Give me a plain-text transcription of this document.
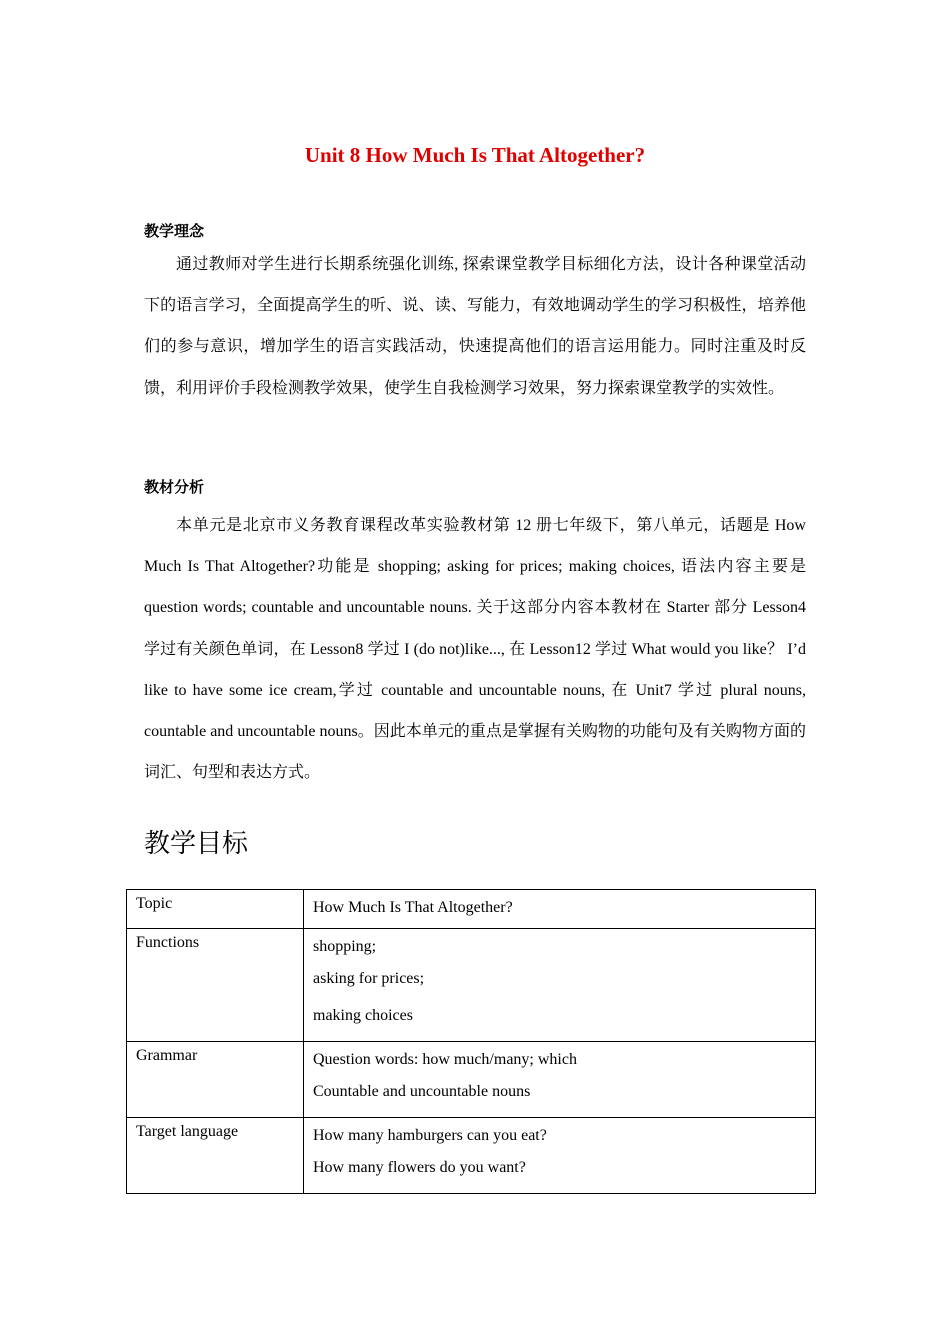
Unit 8 How Much Is That Altogether?
教学理念

通过教师对学生进行长期系统强化训练, 探索课堂教学目标细化方法，设计各种课堂活动下的语言学习，全面提高学生的听、说、读、写能力，有效地调动学生的学习积极性，培养他们的参与意识，增加学生的语言实践活动，快速提高他们的语言运用能力。同时注重及时反馈，利用评价手段检测教学效果，使学生自我检测学习效果，努力探索课堂教学的实效性。

教材分析

本单元是北京市义务教育课程改革实验教材第 12 册七年级下，第八单元，话题是 How Much Is That Altogether?功能是 shopping; asking for prices; making choices, 语法内容主要是 question words; countable and uncountable nouns. 关于这部分内容本教材在 Starter 部分 Lesson4 学过有关颜色单词，在 Lesson8 学过 I (do not)like..., 在 Lesson12 学过 What would you like？ I’d like to have some ice cream,学过 countable and uncountable nouns, 在 Unit7 学过 plural nouns, countable and uncountable nouns。因此本单元的重点是掌握有关购物的功能句及有关购物方面的词汇、句型和表达方式。

教学目标
Topic	How Much Is That Altogether?

Functions	shopping;
asking for prices;
making choices

Grammar	Question words: how much/many; which
Countable and uncountable nouns

Target language	How many hamburgers can you eat?
How many flowers do you want?
